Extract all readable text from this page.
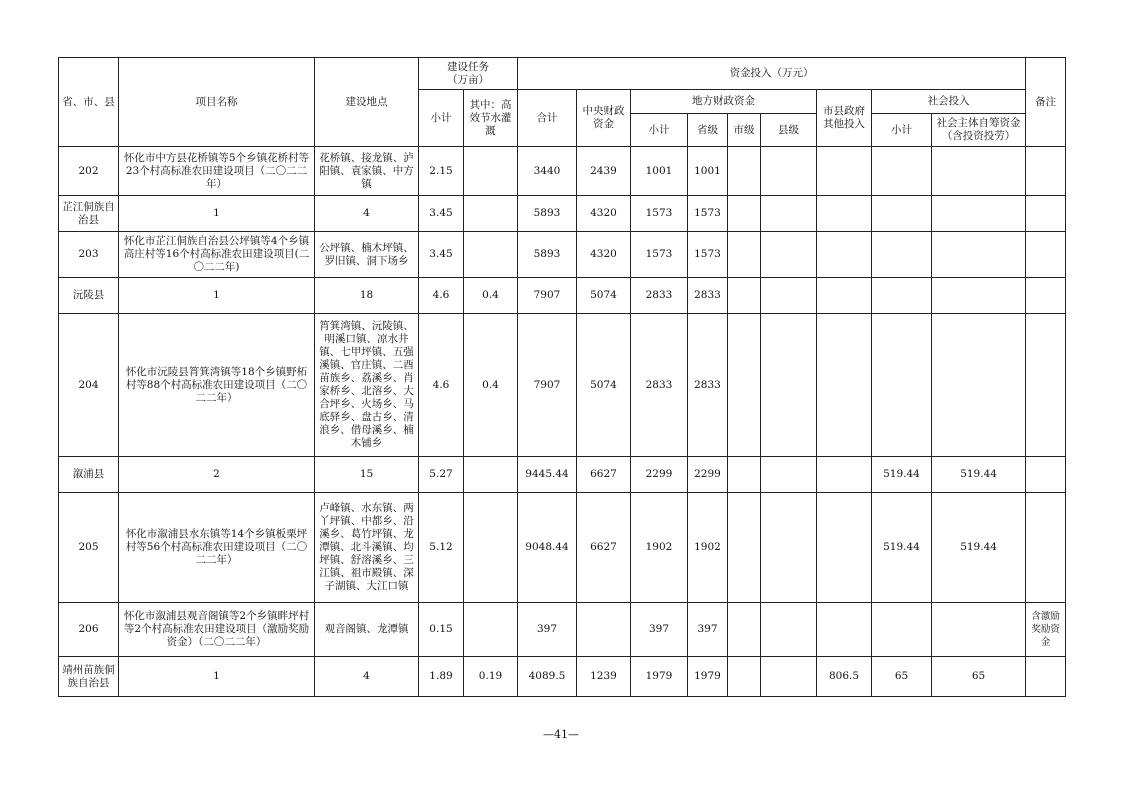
省、市、县	项目名称	建设地点	建设任务
（万亩）		资金投入（万元）									备注
			小计	其中：高效节水灌溉	合计	中央财政资金	地方财政资金				市县政府其他投入	社会投入		
							小计	省级	市级	县级		小计	社会主体自筹资金（含投资投劳）	
202	怀化市中方县花桥镇等5个乡镇花桥村等23个村高标准农田建设项目（二〇二二年）	花桥镇、接龙镇、泸阳镇、袁家镇、中方镇	2.15		3440	2439	1001	1001						
芷江侗族自治县	1	4	3.45		5893	4320	1573	1573						
203	怀化市芷江侗族自治县公坪镇等4个乡镇高庄村等16个村高标准农田建设项目(二〇二二年)	公坪镇、楠木坪镇、罗旧镇、洞下场乡	3.45		5893	4320	1573	1573						
沅陵县	1	18	4.6	0.4	7907	5074	2833	2833						
204	怀化市沅陵县筲箕湾镇等18个乡镇野柘村等88个村高标准农田建设项目（二〇二二年）	筲箕湾镇、沅陵镇、明溪口镇、凉水井镇、七甲坪镇、五强溪镇、官庄镇、二酉苗族乡、荔溪乡、肖家桥乡、北溶乡、大合坪乡、火场乡、马底驿乡、盘古乡、清浪乡、借母溪乡、楠木铺乡	4.6	0.4	7907	5074	2833	2833						
溆浦县	2	15	5.27		9445.44	6627	2299	2299				519.44	519.44	
205	怀化市溆浦县水东镇等14个乡镇板栗坪村等56个村高标准农田建设项目（二〇二二年）	卢峰镇、水东镇、两丫坪镇、中都乡、沿溪乡、葛竹坪镇、龙潭镇、北斗溪镇、均坪镇、舒溶溪乡、三江镇、祖市殿镇、深子湖镇、大江口镇	5.12		9048.44	6627	1902	1902				519.44	519.44	
206	怀化市溆浦县观音阁镇等2个乡镇畔坪村等2个村高标准农田建设项目（激励奖励资金）（二〇二二年）	观音阁镇、龙潭镇	0.15		397		397	397						含激励奖励资金
靖州苗族侗族自治县	1	4	1.89	0.19	4089.5	1239	1979	1979			806.5	65	65	
—41—
